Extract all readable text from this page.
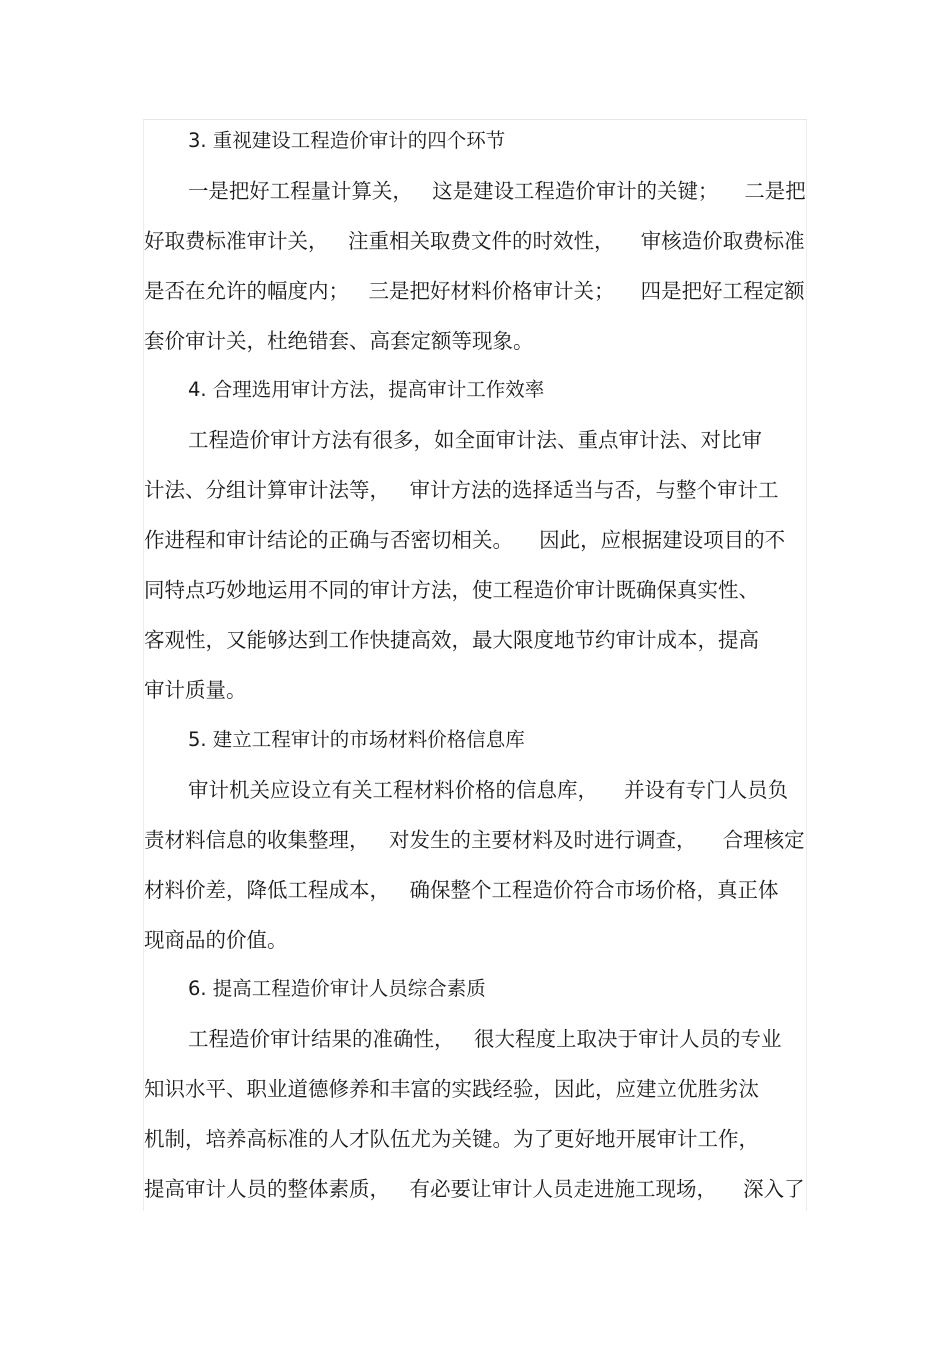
3. 重视建设工程造价审计的四个环节
一是把好工程量计算关，   这是建设工程造价审计的关键；    二是把
好取费标准审计关，   注重相关取费文件的时效性，    审核造价取费标准
是否在允许的幅度内；   三是把好材料价格审计关；    四是把好工程定额
套价审计关，杜绝错套、高套定额等现象。
4. 合理选用审计方法，提高审计工作效率
工程造价审计方法有很多，如全面审计法、重点审计法、对比审
计法、分组计算审计法等，   审计方法的选择适当与否，与整个审计工
作进程和审计结论的正确与否密切相关。    因此，应根据建设项目的不
同特点巧妙地运用不同的审计方法，使工程造价审计既确保真实性、
客观性，又能够达到工作快捷高效，最大限度地节约审计成本，提高
审计质量。
5. 建立工程审计的市场材料价格信息库
审计机关应设立有关工程材料价格的信息库，    并设有专门人员负
责材料信息的收集整理，   对发生的主要材料及时进行调查，    合理核定
材料价差，降低工程成本，   确保整个工程造价符合市场价格，真正体
现商品的价值。
6. 提高工程造价审计人员综合素质
工程造价审计结果的准确性，   很大程度上取决于审计人员的专业
知识水平、职业道德修养和丰富的实践经验，因此，应建立优胜劣汰
机制，培养高标准的人才队伍尤为关键。为了更好地开展审计工作，
提高审计人员的整体素质，   有必要让审计人员走进施工现场，    深入了
